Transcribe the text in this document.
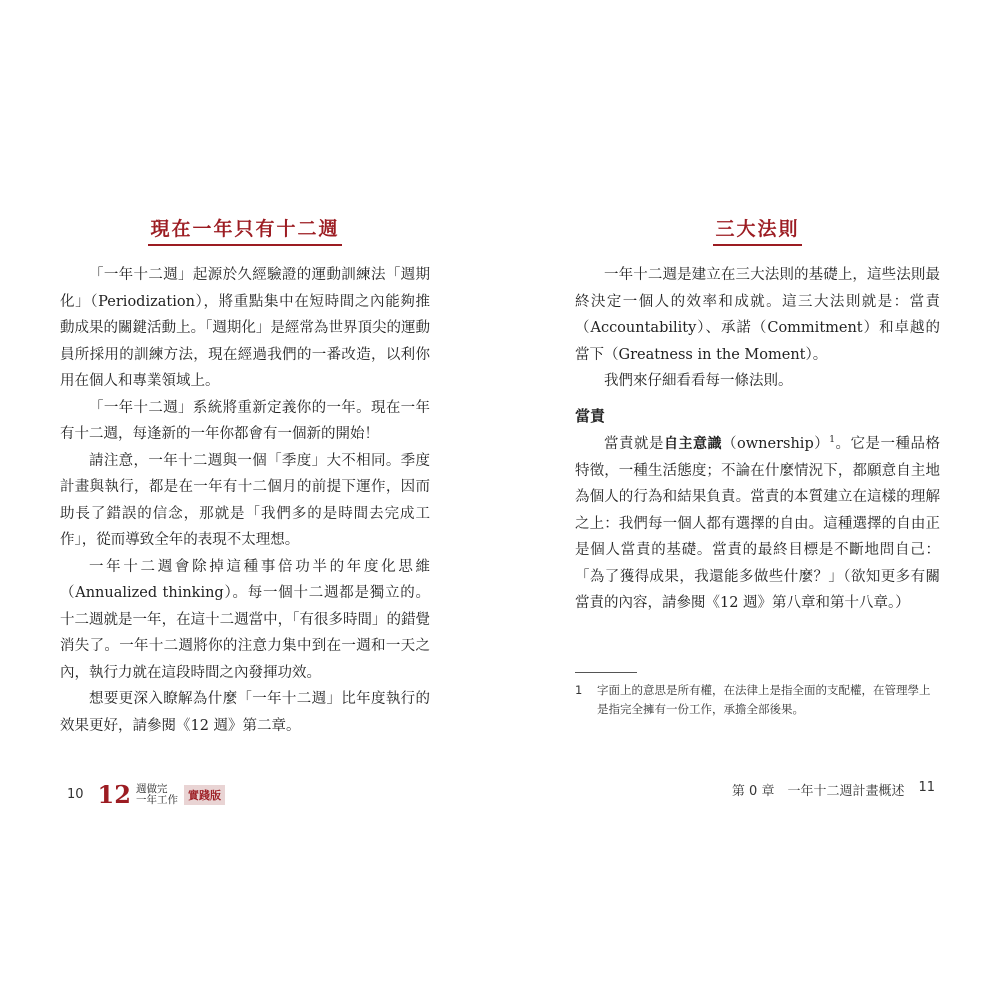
現在一年只有十二週

「一年十二週」起源於久經驗證的運動訓練法「週期化」（Periodization），將重點集中在短時間之內能夠推動成果的關鍵活動上。「週期化」是經常為世界頂尖的運動員所採用的訓練方法，現在經過我們的一番改造，以利你用在個人和專業領域上。

「一年十二週」系統將重新定義你的一年。現在一年有十二週，每逢新的一年你都會有一個新的開始！

請注意，一年十二週與一個「季度」大不相同。季度計畫與執行，都是在一年有十二個月的前提下運作，因而助長了錯誤的信念，那就是「我們多的是時間去完成工作」，從而導致全年的表現不太理想。

一年十二週會除掉這種事倍功半的年度化思維（Annualized thinking）。每一個十二週都是獨立的。十二週就是一年，在這十二週當中，「有很多時間」的錯覺消失了。一年十二週將你的注意力集中到在一週和一天之內，執行力就在這段時間之內發揮功效。

想要更深入瞭解為什麼「一年十二週」比年度執行的效果更好，請參閱《12 週》第二章。

三大法則

一年十二週是建立在三大法則的基礎上，這些法則最終決定一個人的效率和成就。這三大法則就是：當責（Accountability）、承諾（Commitment）和卓越的當下（Greatness in the Moment）。

我們來仔細看看每一條法則。

當責

當責就是自主意識（ownership）$^1$。它是一種品格特徵，一種生活態度；不論在什麼情況下，都願意自主地為個人的行為和結果負責。當責的本質建立在這樣的理解之上：我們每一個人都有選擇的自由。這種選擇的自由正是個人當責的基礎。當責的最終目標是不斷地問自己：「為了獲得成果，我還能多做些什麼？」（欲知更多有關當責的內容，請參閱《12 週》第八章和第十八章。）

1	字面上的意思是所有權，在法律上是指全面的支配權，在管理學上是指完全擁有一份工作，承擔全部後果。
10 12 週做完
一年工作 實踐版	第 0 章　一年十二週計畫概述 11
